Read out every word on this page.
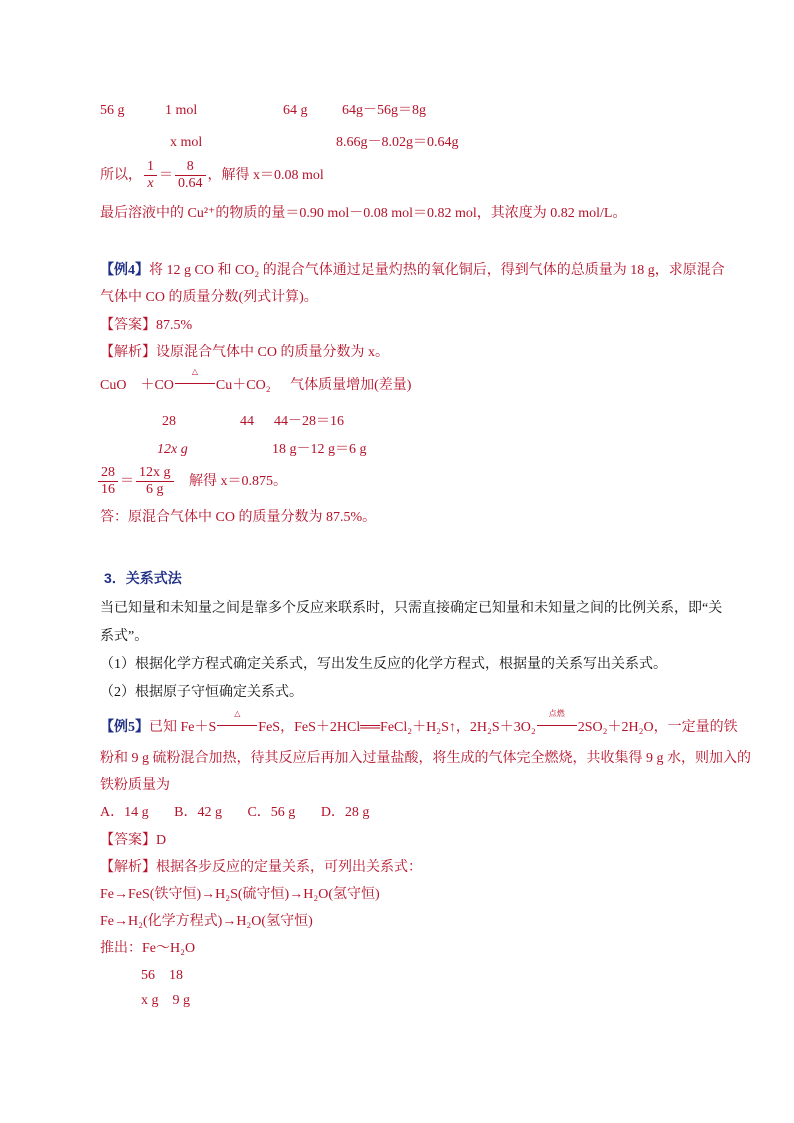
56 g	1 mol	64 g 64g－56g＝8g
x mol	8.66g－8.02g＝0.64g
所以， $\frac{1}{x} = \frac{8}{0.64}$ ，解得 x＝0.08 mol
最后溶液中的 Cu²⁺的物质的量＝0.90 mol－0.08 mol＝0.82 mol，其浓度为 0.82 mol/L。
【例4】将 12 g CO 和 CO₂ 的混合气体通过足量灼热的氧化铜后，得到气体的总质量为 18 g，求原混合
气体中 CO 的质量分数(列式计算)。
【答案】87.5%
【解析】设原混合气体中 CO 的质量分数为 x。
CuO　＋CO
△
Cu＋CO₂ 气体质量增加(差量)
28	44 44－28＝16
12x g	18 g－12 g＝6 g
$\frac{28}{16} = \frac{\text{12x g}}{6 g}$ 解得 x＝0.875。
答：原混合气体中 CO 的质量分数为 87.5%。
3．关系式法
当已知量和未知量之间是靠多个反应来联系时，只需直接确定已知量和未知量之间的比例关系，即“关
系式”。
（1）根据化学方程式确定关系式，写出发生反应的化学方程式，根据量的关系写出关系式。
（2）根据原子守恒确定关系式。
【例5】已知 Fe＋S
△
FeS，FeS＋2HCl══FeCl₂＋H₂S↑，2H₂S＋3O₂
点燃
2SO₂＋2H₂O，一定量的铁
粉和 9 g 硫粉混合加热，待其反应后再加入过量盐酸，将生成的气体完全燃烧，共收集得 9 g 水，则加入的
铁粉质量为
A．14 g B．42 g C．56 g D．28 g
【答案】D
【解析】根据各步反应的定量关系，可列出关系式：
Fe→FeS(铁守恒)→H₂S(硫守恒)→H₂O(氢守恒)
Fe→H₂(化学方程式)→H₂O(氢守恒)
推出：Fe～H₂O
56　18
x g　9 g
